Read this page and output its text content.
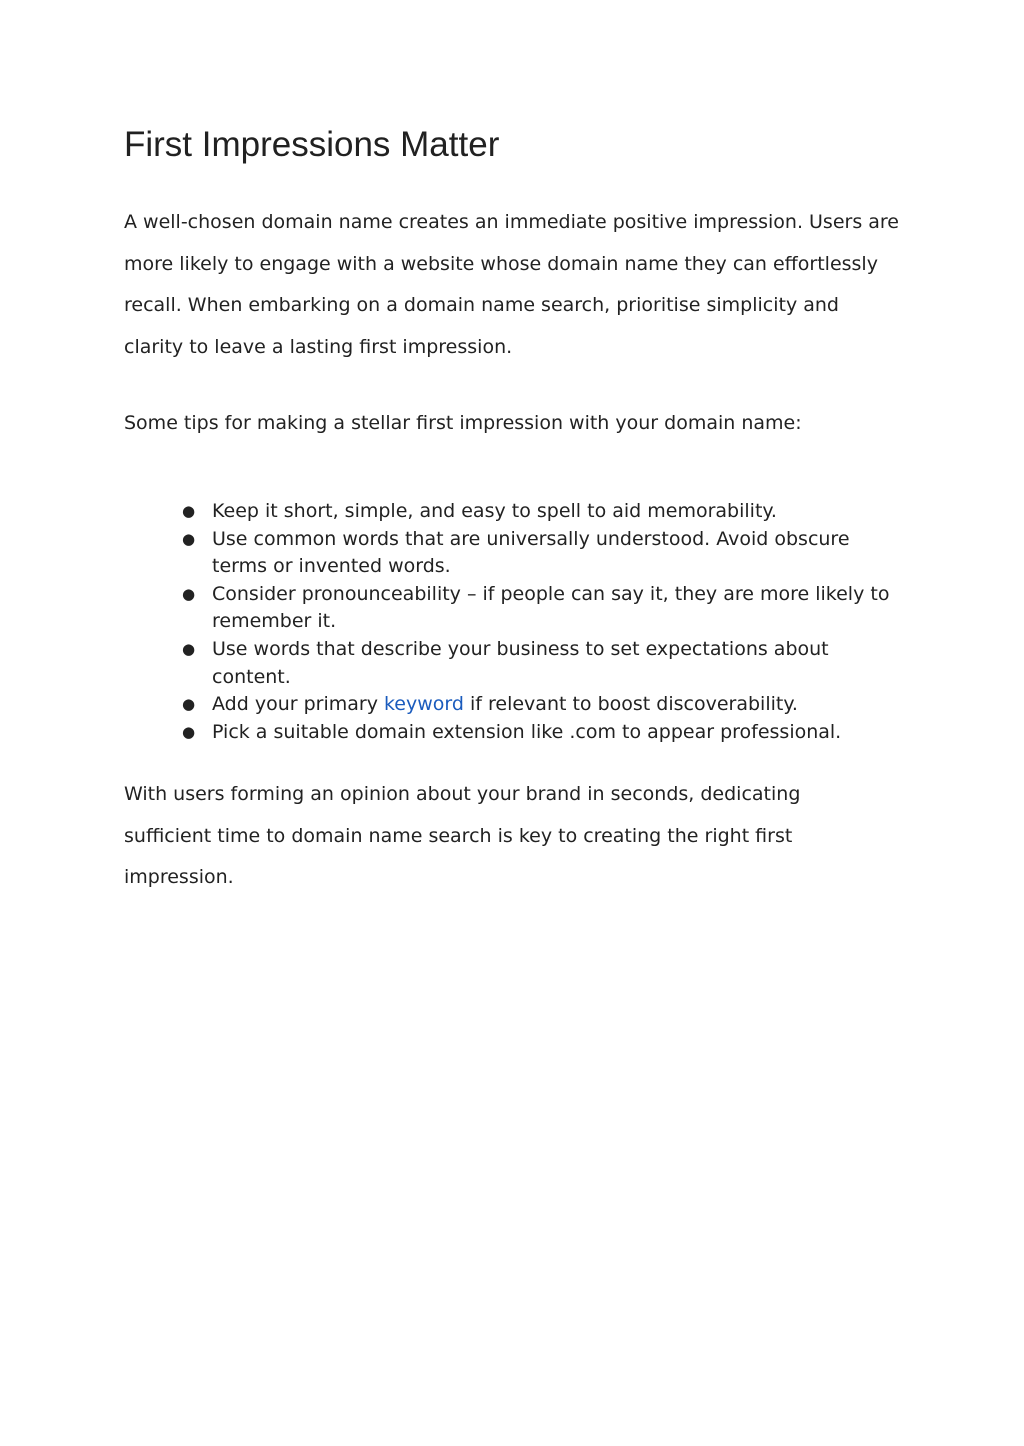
First Impressions Matter

A well-chosen domain name creates an immediate positive impression. Users are more likely to engage with a website whose domain name they can effortlessly recall. When embarking on a domain name search, prioritise simplicity and clarity to leave a lasting first impression.

Some tips for making a stellar first impression with your domain name:

● Keep it short, simple, and easy to spell to aid memorability.
● Use common words that are universally understood. Avoid obscure terms or invented words.
● Consider pronounceability – if people can say it, they are more likely to remember it.
● Use words that describe your business to set expectations about content.
● Add your primary keyword if relevant to boost discoverability.
● Pick a suitable domain extension like .com to appear professional.

With users forming an opinion about your brand in seconds, dedicating sufficient time to domain name search is key to creating the right first impression.
